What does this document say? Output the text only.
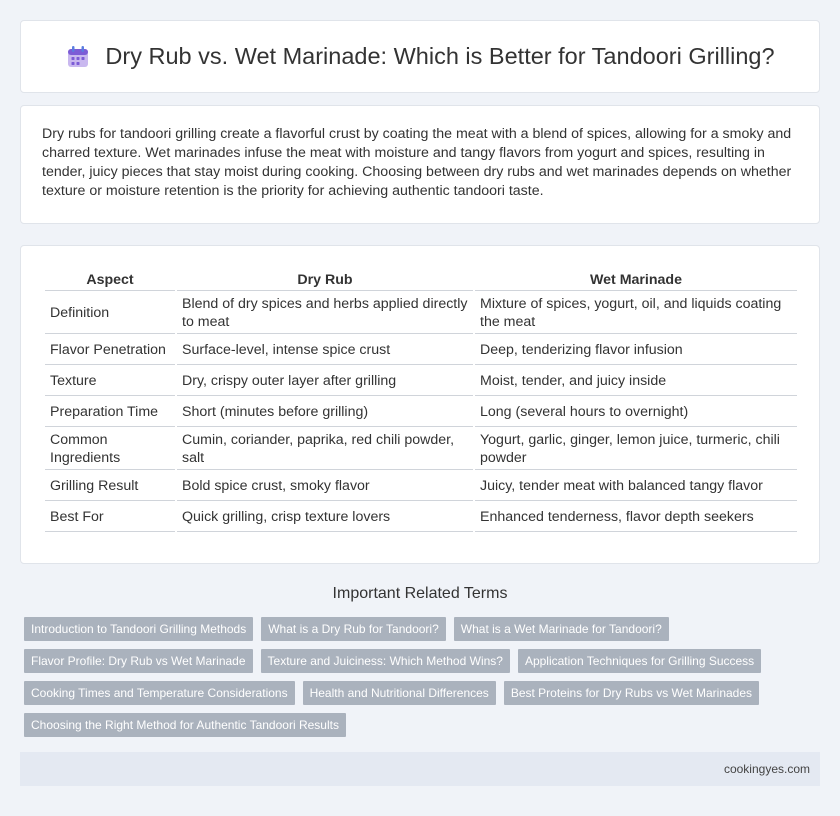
Dry Rub vs. Wet Marinade: Which is Better for Tandoori Grilling?

Dry rubs for tandoori grilling create a flavorful crust by coating the meat with a blend of spices, allowing for a smoky and charred texture. Wet marinades infuse the meat with moisture and tangy flavors from yogurt and spices, resulting in tender, juicy pieces that stay moist during cooking. Choosing between dry rubs and wet marinades depends on whether texture or moisture retention is the priority for achieving authentic tandoori taste.

Aspect	Dry Rub	Wet Marinade
Definition	Blend of dry spices and herbs applied directly to meat	Mixture of spices, yogurt, oil, and liquids coating the meat
Flavor Penetration	Surface-level, intense spice crust	Deep, tenderizing flavor infusion
Texture	Dry, crispy outer layer after grilling	Moist, tender, and juicy inside
Preparation Time	Short (minutes before grilling)	Long (several hours to overnight)
Common Ingredients	Cumin, coriander, paprika, red chili powder, salt	Yogurt, garlic, ginger, lemon juice, turmeric, chili powder
Grilling Result	Bold spice crust, smoky flavor	Juicy, tender meat with balanced tangy flavor
Best For	Quick grilling, crisp texture lovers	Enhanced tenderness, flavor depth seekers
Important Related Terms
Introduction to Tandoori Grilling Methods	What is a Dry Rub for Tandoori?	What is a Wet Marinade for Tandoori?
Flavor Profile: Dry Rub vs Wet Marinade	Texture and Juiciness: Which Method Wins?	Application Techniques for Grilling Success
Cooking Times and Temperature Considerations	Health and Nutritional Differences	Best Proteins for Dry Rubs vs Wet Marinades
Choosing the Right Method for Authentic Tandoori Results
cookingyes.com
